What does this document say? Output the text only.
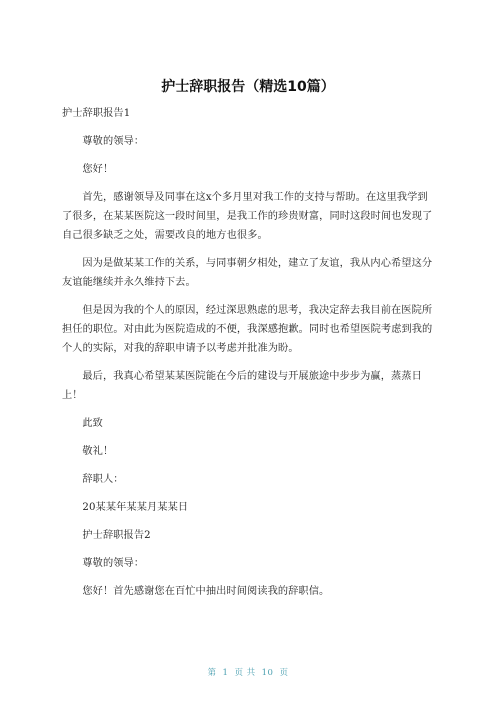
护士辞职报告（精选10篇）

护士辞职报告1

尊敬的领导：

您好！

首先，感谢领导及同事在这x个多月里对我工作的支持与帮助。在这里我学到了很多，在某某医院这一段时间里，是我工作的珍贵财富，同时这段时间也发现了自己很多缺乏之处，需要改良的地方也很多。

因为是做某某工作的关系，与同事朝夕相处，建立了友谊，我从内心希望这分友谊能继续并永久维持下去。

但是因为我的个人的原因，经过深思熟虑的思考，我决定辞去我目前在医院所担任的职位。对由此为医院造成的不便，我深感抱歉。同时也希望医院考虑到我的个人的实际，对我的辞职申请予以考虑并批准为盼。

最后，我真心希望某某医院能在今后的建设与开展旅途中步步为赢，蒸蒸日上！

此致

敬礼！

辞职人：

20某某年某某月某某日

护士辞职报告2

尊敬的领导：

您好！首先感谢您在百忙中抽出时间阅读我的辞职信。

第 1 页 共 10 页
